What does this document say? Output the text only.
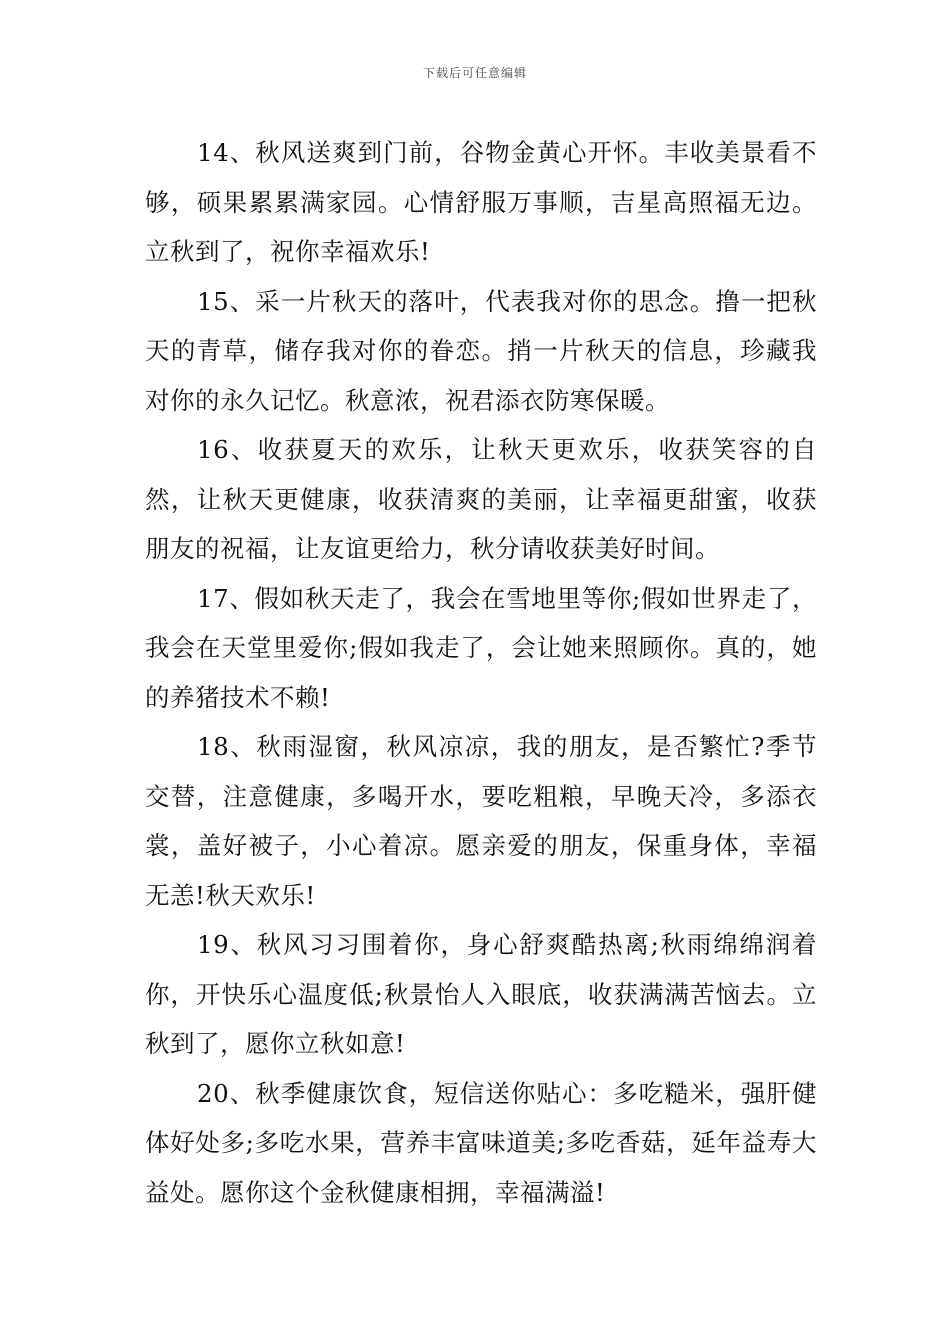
下载后可任意编辑

14、秋风送爽到门前，谷物金黄心开怀。丰收美景看不够，硕果累累满家园。心情舒服万事顺，吉星高照福无边。立秋到了，祝你幸福欢乐!

15、采一片秋天的落叶，代表我对你的思念。撸一把秋天的青草，储存我对你的眷恋。捎一片秋天的信息，珍藏我对你的永久记忆。秋意浓，祝君添衣防寒保暖。

16、收获夏天的欢乐，让秋天更欢乐，收获笑容的自然，让秋天更健康，收获清爽的美丽，让幸福更甜蜜，收获朋友的祝福，让友谊更给力，秋分请收获美好时间。

17、假如秋天走了，我会在雪地里等你;假如世界走了，我会在天堂里爱你;假如我走了，会让她来照顾你。真的，她的养猪技术不赖!

18、秋雨湿窗，秋风凉凉，我的朋友，是否繁忙?季节交替，注意健康，多喝开水，要吃粗粮，早晚天冷，多添衣裳，盖好被子，小心着凉。愿亲爱的朋友，保重身体，幸福无恙!秋天欢乐!

19、秋风习习围着你，身心舒爽酷热离;秋雨绵绵润着你，开快乐心温度低;秋景怡人入眼底，收获满满苦恼去。立秋到了，愿你立秋如意!

20、秋季健康饮食，短信送你贴心：多吃糙米，强肝健体好处多;多吃水果，营养丰富味道美;多吃香菇，延年益寿大益处。愿你这个金秋健康相拥，幸福满溢!
